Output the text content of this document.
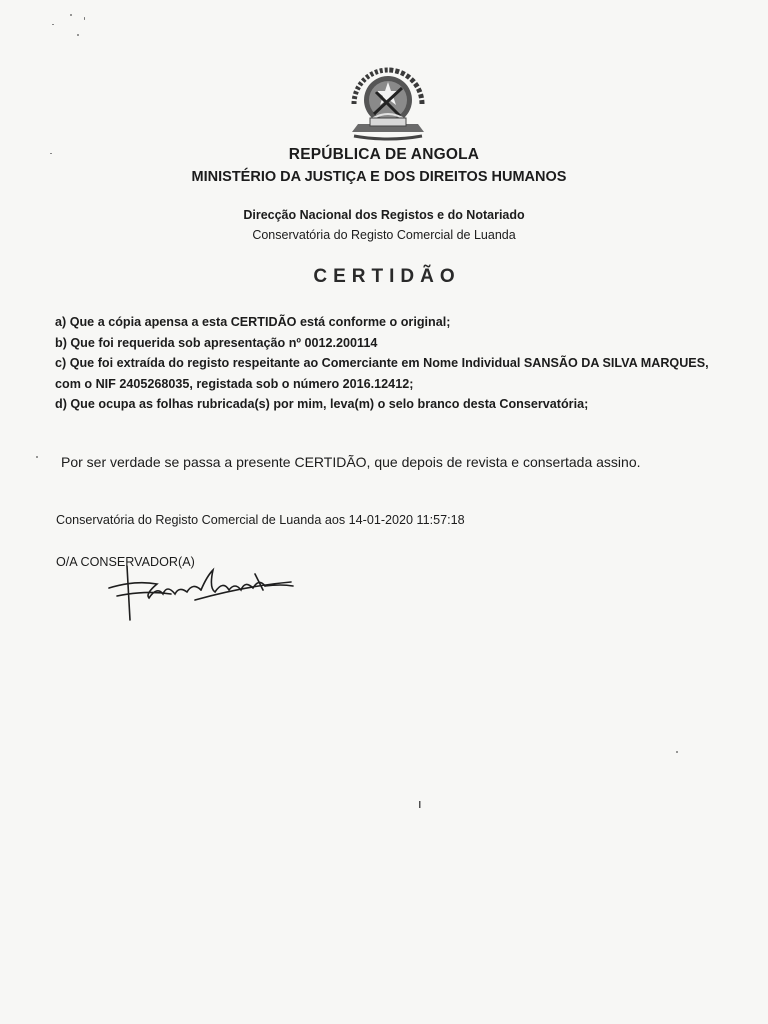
REPÚBLICA DE ANGOLA
MINISTÉRIO DA JUSTIÇA E DOS DIREITOS HUMANOS
Direcção Nacional dos Registos e do Notariado
Conservatória do Registo Comercial de Luanda
CERTIDÃO
a) Que a cópia apensa a esta CERTIDÃO está conforme o original;
b) Que foi requerida sob apresentação nº 0012.200114
c) Que foi extraída do registo respeitante ao Comerciante em Nome Individual SANSÃO DA SILVA MARQUES, com o NIF 2405268035, registada sob o número 2016.12412;
d) Que ocupa as folhas rubricada(s) por mim, leva(m) o selo branco desta Conservatória;
Por ser verdade se passa a presente CERTIDÃO, que depois de revista e consertada assino.
Conservatória do Registo Comercial de Luanda aos 14-01-2020 11:57:18
O/A CONSERVADOR(A)
ı
